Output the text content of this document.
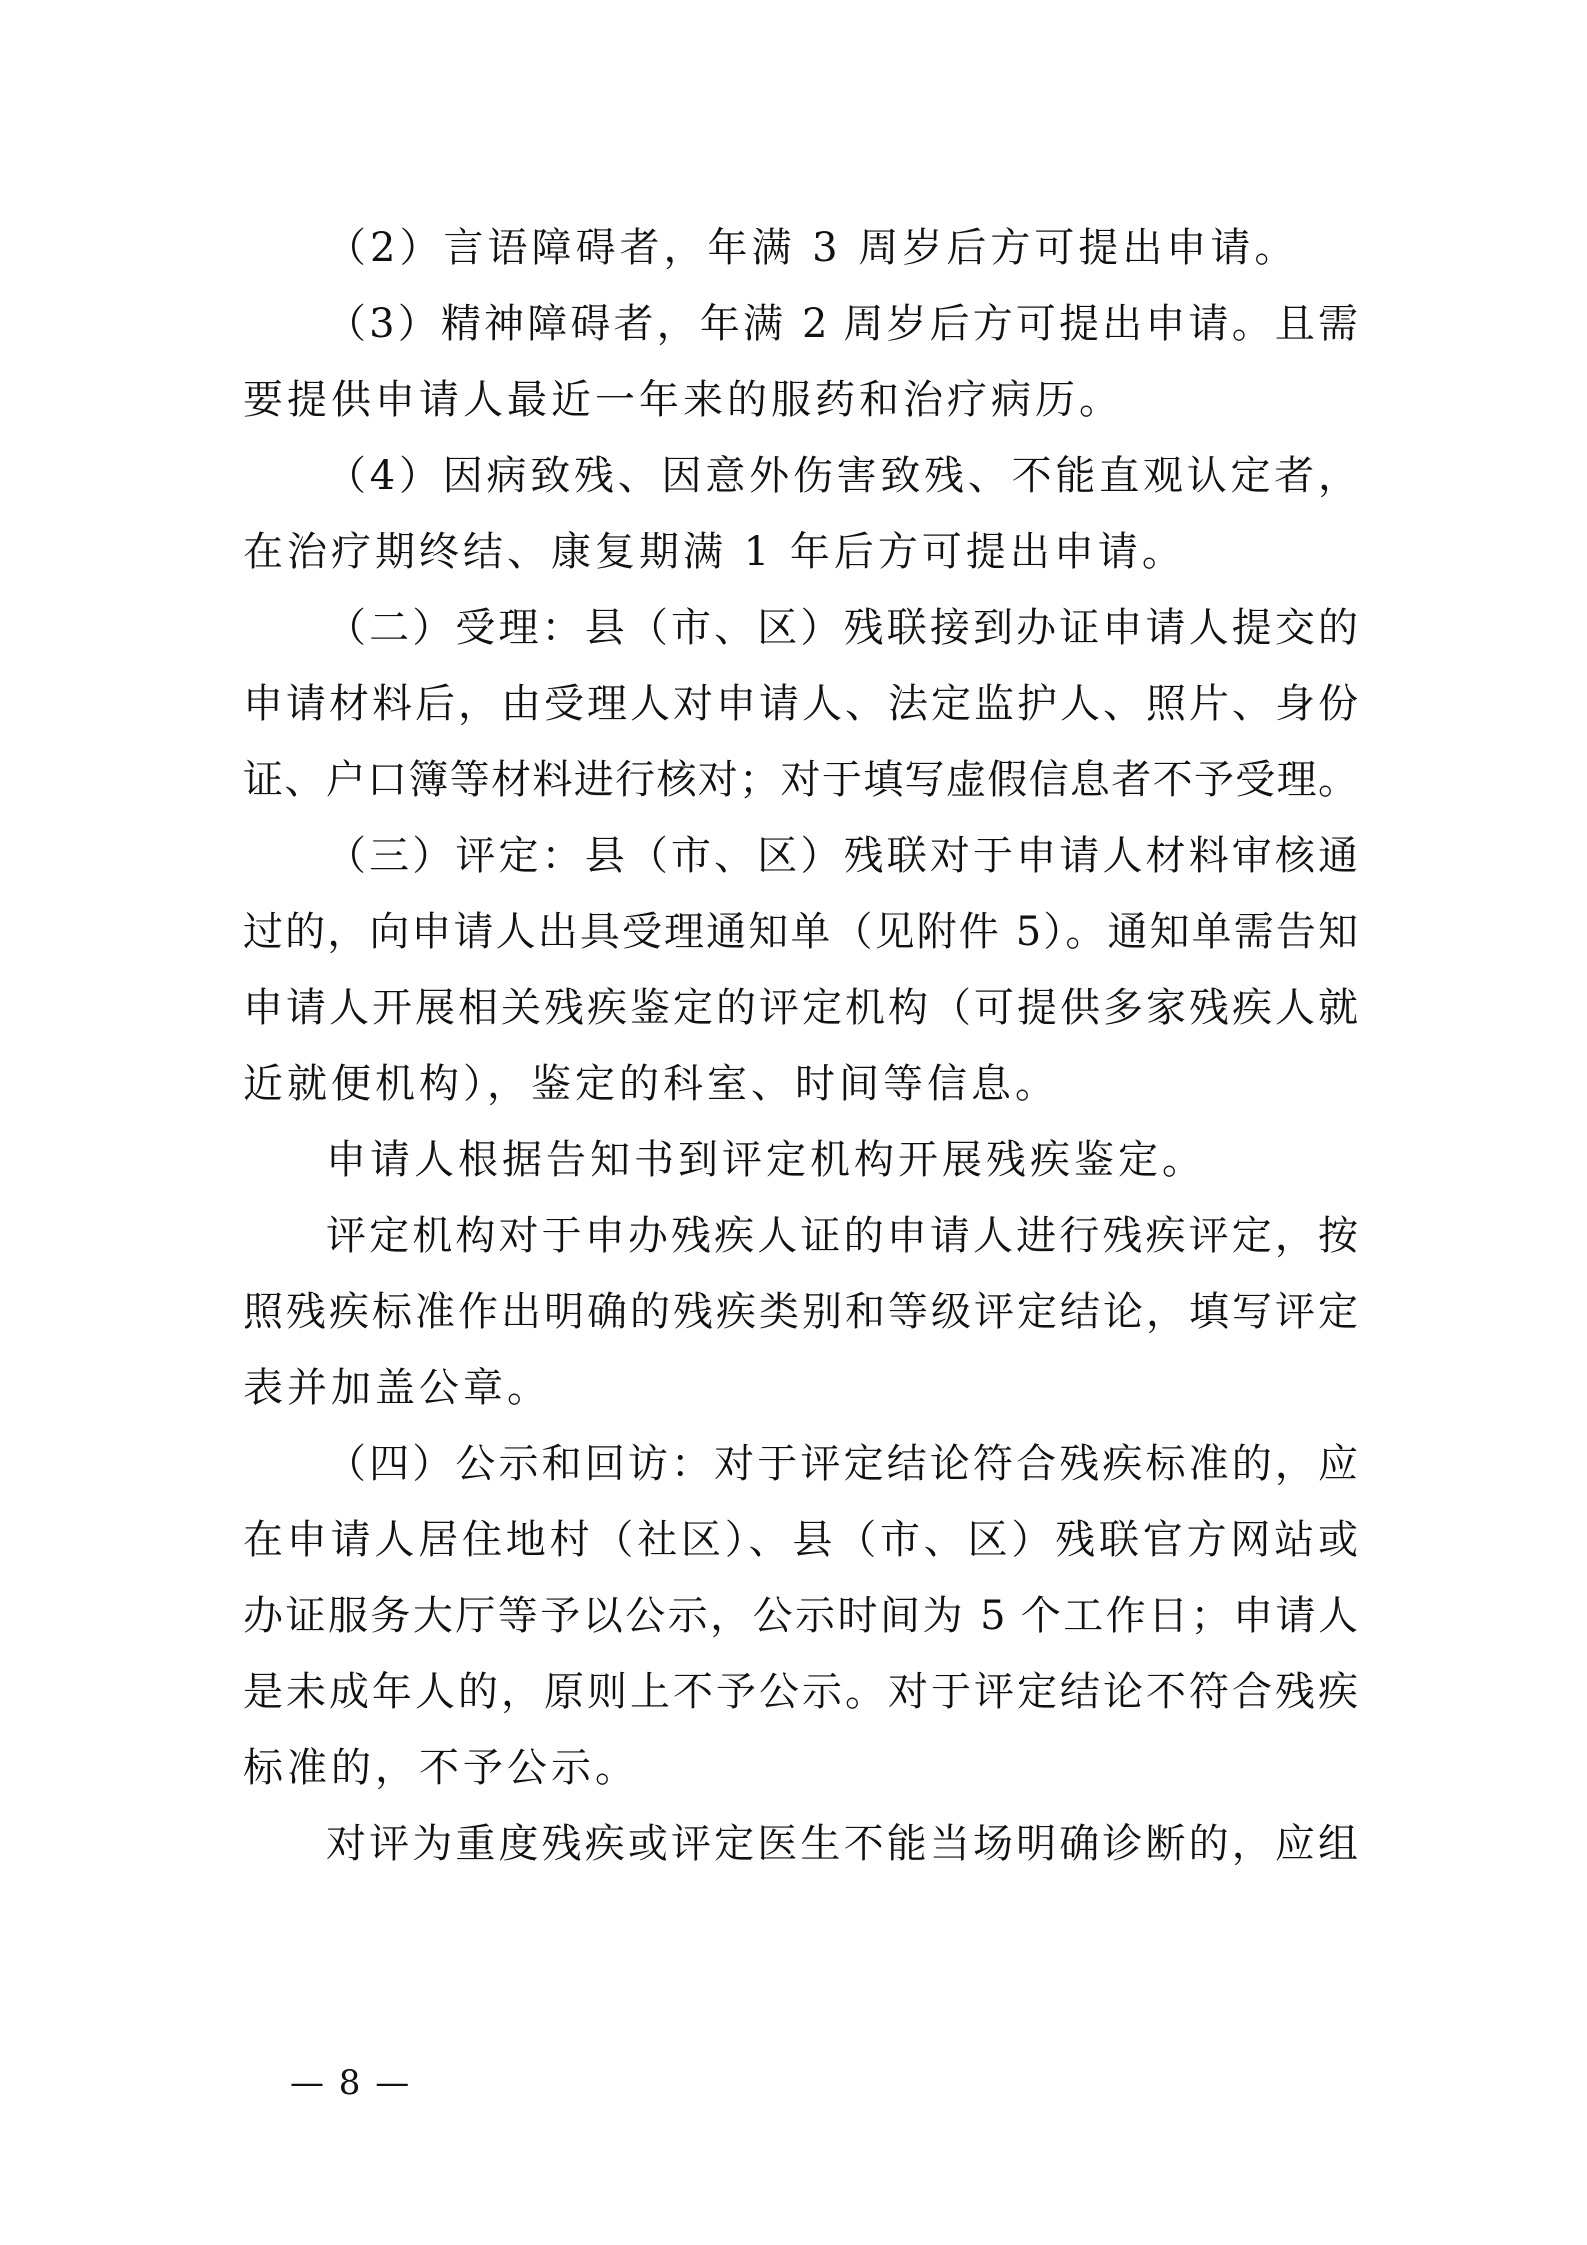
（2）言语障碍者，年满 3 周岁后方可提出申请。
（3）精神障碍者，年满 2 周岁后方可提出申请。且需
要提供申请人最近一年来的服药和治疗病历。
（4）因病致残、因意外伤害致残、不能直观认定者，
在治疗期终结、康复期满 1 年后方可提出申请。
（二）受理：县（市、区）残联接到办证申请人提交的
申请材料后，由受理人对申请人、法定监护人、照片、身份
证、户口簿等材料进行核对；对于填写虚假信息者不予受理。
（三）评定：县（市、区）残联对于申请人材料审核通
过的，向申请人出具受理通知单（见附件 5）。通知单需告知
申请人开展相关残疾鉴定的评定机构（可提供多家残疾人就
近就便机构），鉴定的科室、时间等信息。
申请人根据告知书到评定机构开展残疾鉴定。
评定机构对于申办残疾人证的申请人进行残疾评定，按
照残疾标准作出明确的残疾类别和等级评定结论，填写评定
表并加盖公章。
（四）公示和回访：对于评定结论符合残疾标准的，应
在申请人居住地村（社区）、县（市、区）残联官方网站或
办证服务大厅等予以公示，公示时间为 5 个工作日；申请人
是未成年人的，原则上不予公示。对于评定结论不符合残疾
标准的，不予公示。
对评为重度残疾或评定医生不能当场明确诊断的，应组
— 8 —
